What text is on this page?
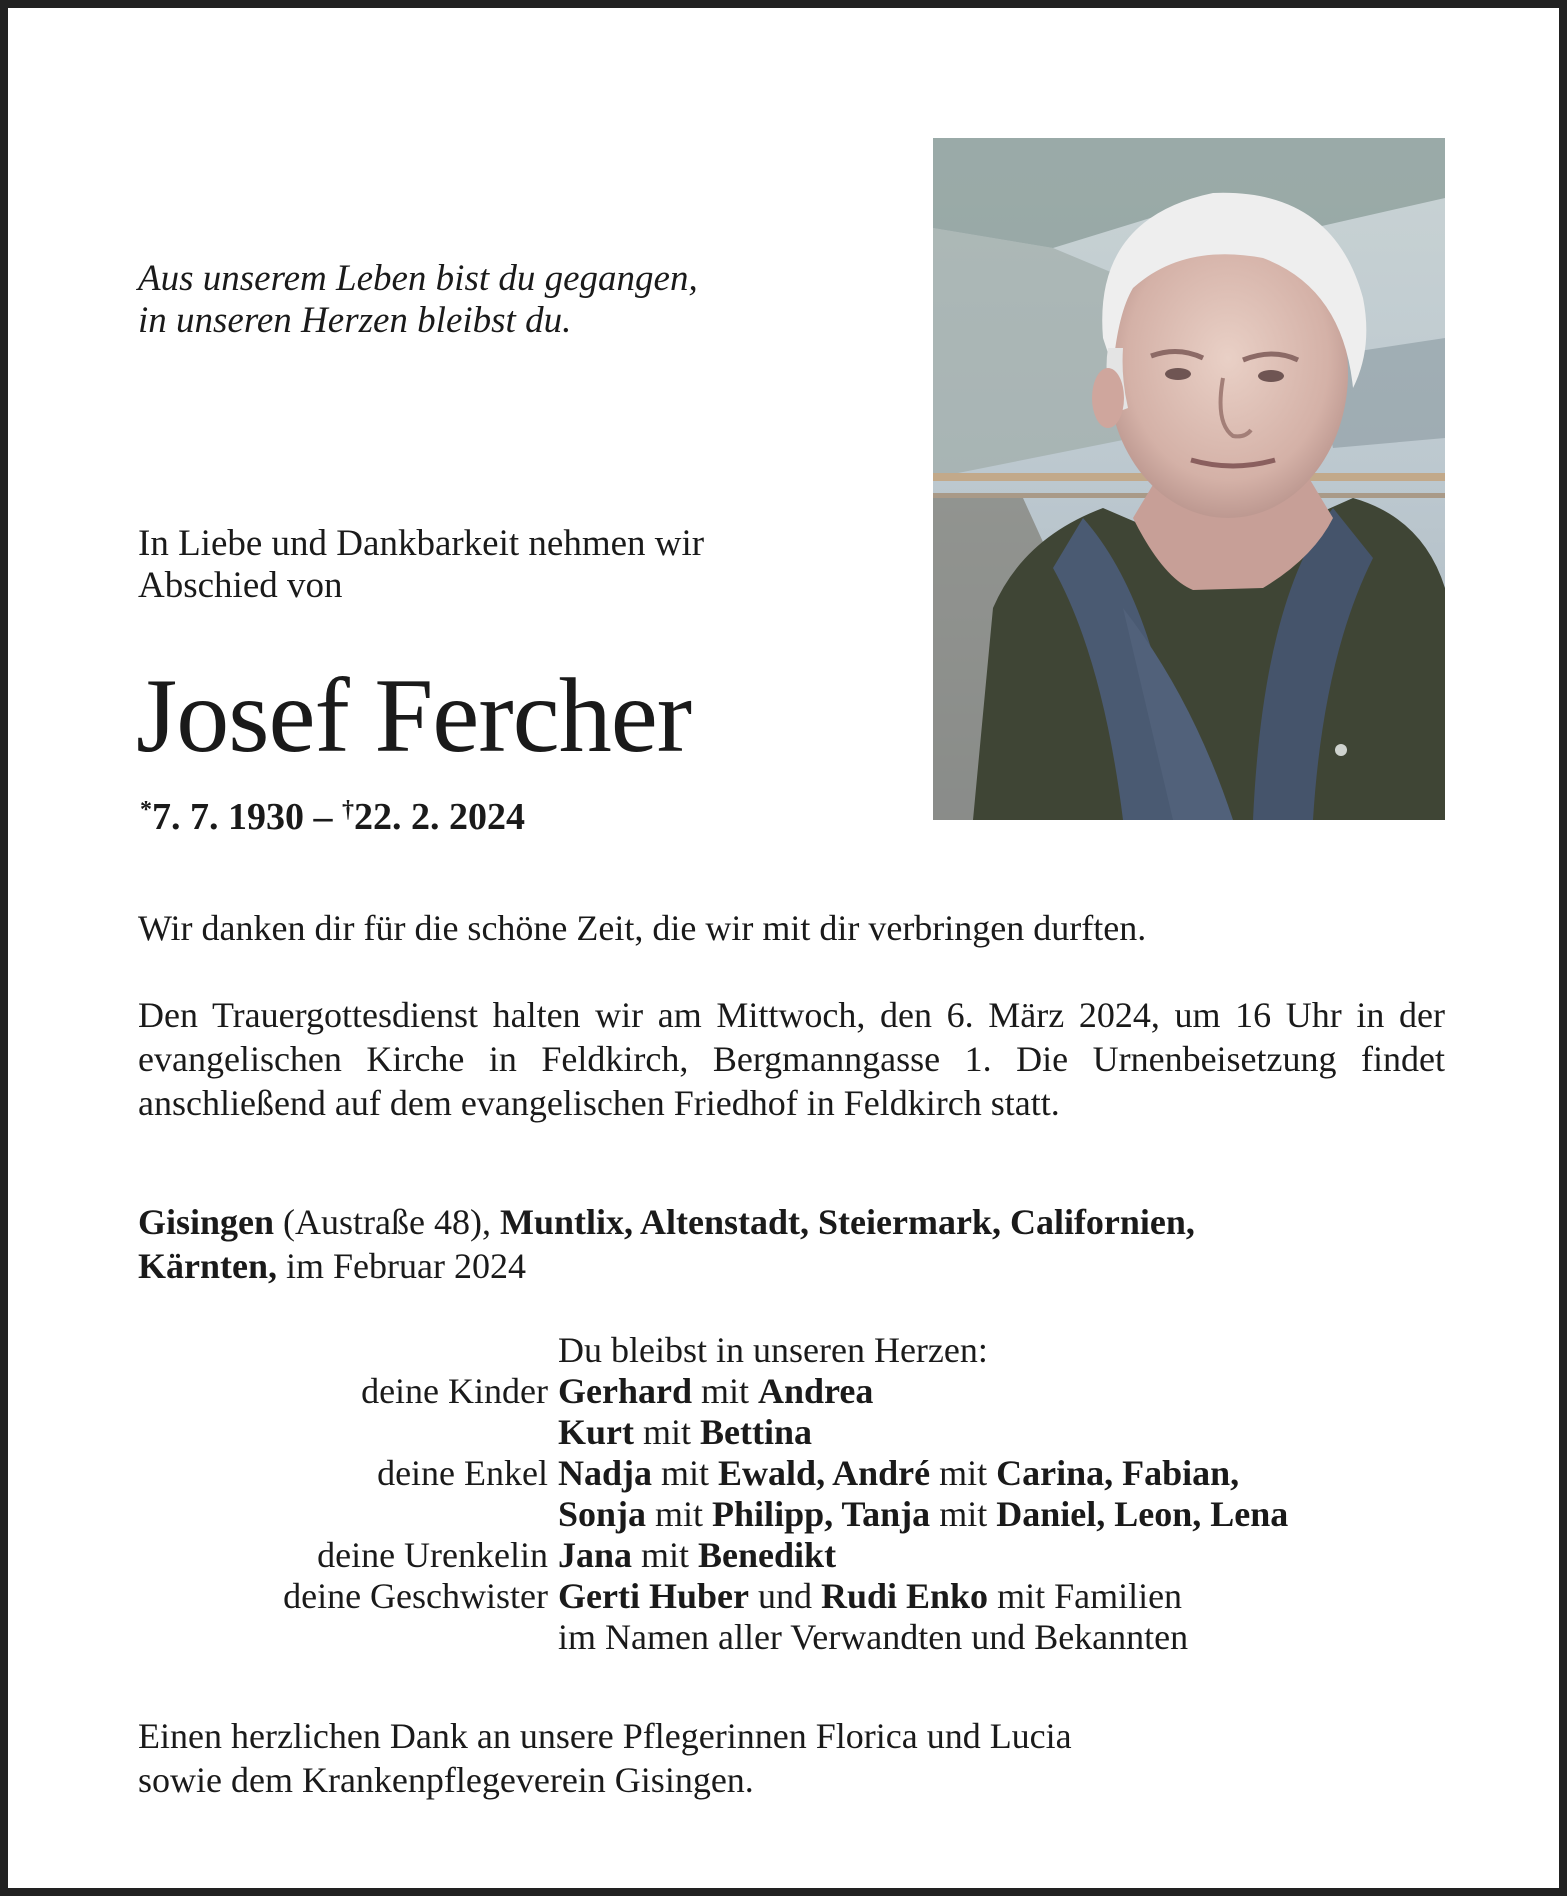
Aus unserem Leben bist du gegangen,
in unseren Herzen bleibst du.
In Liebe und Dankbarkeit nehmen wir
Abschied von
Josef Fercher
*7. 7. 1930 – †22. 2. 2024

Wir danken dir für die schöne Zeit, die wir mit dir verbringen durften.

Den Trauergottesdienst halten wir am Mittwoch, den 6. März 2024, um 16 Uhr in der evangelischen Kirche in Feldkirch, Bergmanngasse 1. Die Urnenbeisetzung findet anschließend auf dem evangelischen Friedhof in Feldkirch statt.

Gisingen (Austraße 48), Muntlix, Altenstadt, Steiermark, Californien,
Kärnten, im Februar 2024

Du bleibst in unseren Herzen:
deine Kinder Gerhard mit Andrea
Kurt mit Bettina
deine Enkel Nadja mit Ewald, André mit Carina, Fabian,
Sonja mit Philipp, Tanja mit Daniel, Leon, Lena
deine Urenkelin Jana mit Benedikt
deine Geschwister Gerti Huber und Rudi Enko mit Familien
im Namen aller Verwandten und Bekannten

Einen herzlichen Dank an unsere Pflegerinnen Florica und Lucia
sowie dem Krankenpflegeverein Gisingen.
